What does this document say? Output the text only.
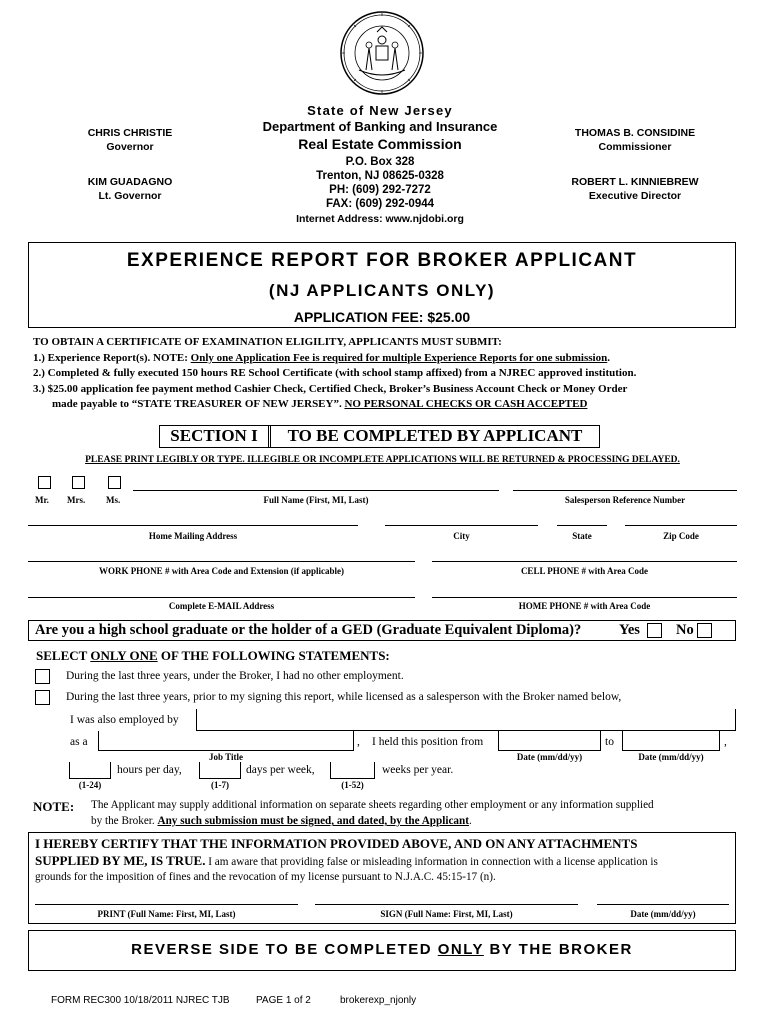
CHRIS CHRISTIE
Governor
KIM GUADAGNO
Lt. Governor
THOMAS B. CONSIDINE
Commissioner
ROBERT L. KINNIEBREW
Executive Director
State of New Jersey
Department of Banking and Insurance
Real Estate Commission
P.O. Box 328
Trenton, NJ 08625-0328
PH: (609) 292-7272
FAX: (609) 292-0944
Internet Address: www.njdobi.org
EXPERIENCE REPORT FOR BROKER APPLICANT
(NJ APPLICANTS ONLY)
APPLICATION FEE: $25.00
TO OBTAIN A CERTIFICATE OF EXAMINATION ELIGILITY, APPLICANTS MUST SUBMIT:
1.) Experience Report(s). NOTE: Only one Application Fee is required for multiple Experience Reports for one submission.
2.) Completed & fully executed 150 hours RE School Certificate (with school stamp affixed) from a NJREC approved institution.
3.) $25.00 application fee payment method Cashier Check, Certified Check, Broker’s Business Account Check or Money Order
made payable to “STATE TREASURER OF NEW JERSEY”. NO PERSONAL CHECKS OR CASH ACCEPTED
SECTION I	TO BE COMPLETED BY APPLICANT
PLEASE PRINT LEGIBLY OR TYPE. ILLEGIBLE OR INCOMPLETE APPLICATIONS WILL BE RETURNED & PROCESSING DELAYED.
Mr. Mrs. Ms.	Full Name (First, MI, Last)	Salesperson Reference Number
Home Mailing Address	City	State	Zip Code
WORK PHONE # with Area Code and Extension (if applicable)	CELL PHONE # with Area Code
Complete E-MAIL Address	HOME PHONE # with Area Code
Are you a high school graduate or the holder of a GED (Graduate Equivalent Diploma)?	Yes No
SELECT ONLY ONE OF THE FOLLOWING STATEMENTS:
During the last three years, under the Broker, I had no other employment.
During the last three years, prior to my signing this report, while licensed as a salesperson with the Broker named below,
I was also employed by
as a	, I held this position from	to	,
Job Title	Date (mm/dd/yy)	Date (mm/dd/yy)
hours per day,	days per week,	weeks per year.
(1-24)	(1-7)	(1-52)
NOTE: The Applicant may supply additional information on separate sheets regarding other employment or any information supplied
by the Broker. Any such submission must be signed, and dated, by the Applicant.
I HEREBY CERTIFY THAT THE INFORMATION PROVIDED ABOVE, AND ON ANY ATTACHMENTS
SUPPLIED BY ME, IS TRUE. I am aware that providing false or misleading information in connection with a license application is
grounds for the imposition of fines and the revocation of my license pursuant to N.J.A.C. 45:15-17 (n).
PRINT (Full Name: First, MI, Last)	SIGN (Full Name: First, MI, Last)	Date (mm/dd/yy)
REVERSE SIDE TO BE COMPLETED ONLY BY THE BROKER
FORM REC300 10/18/2011 NJREC TJB	PAGE 1 of 2	brokerexp_njonly
